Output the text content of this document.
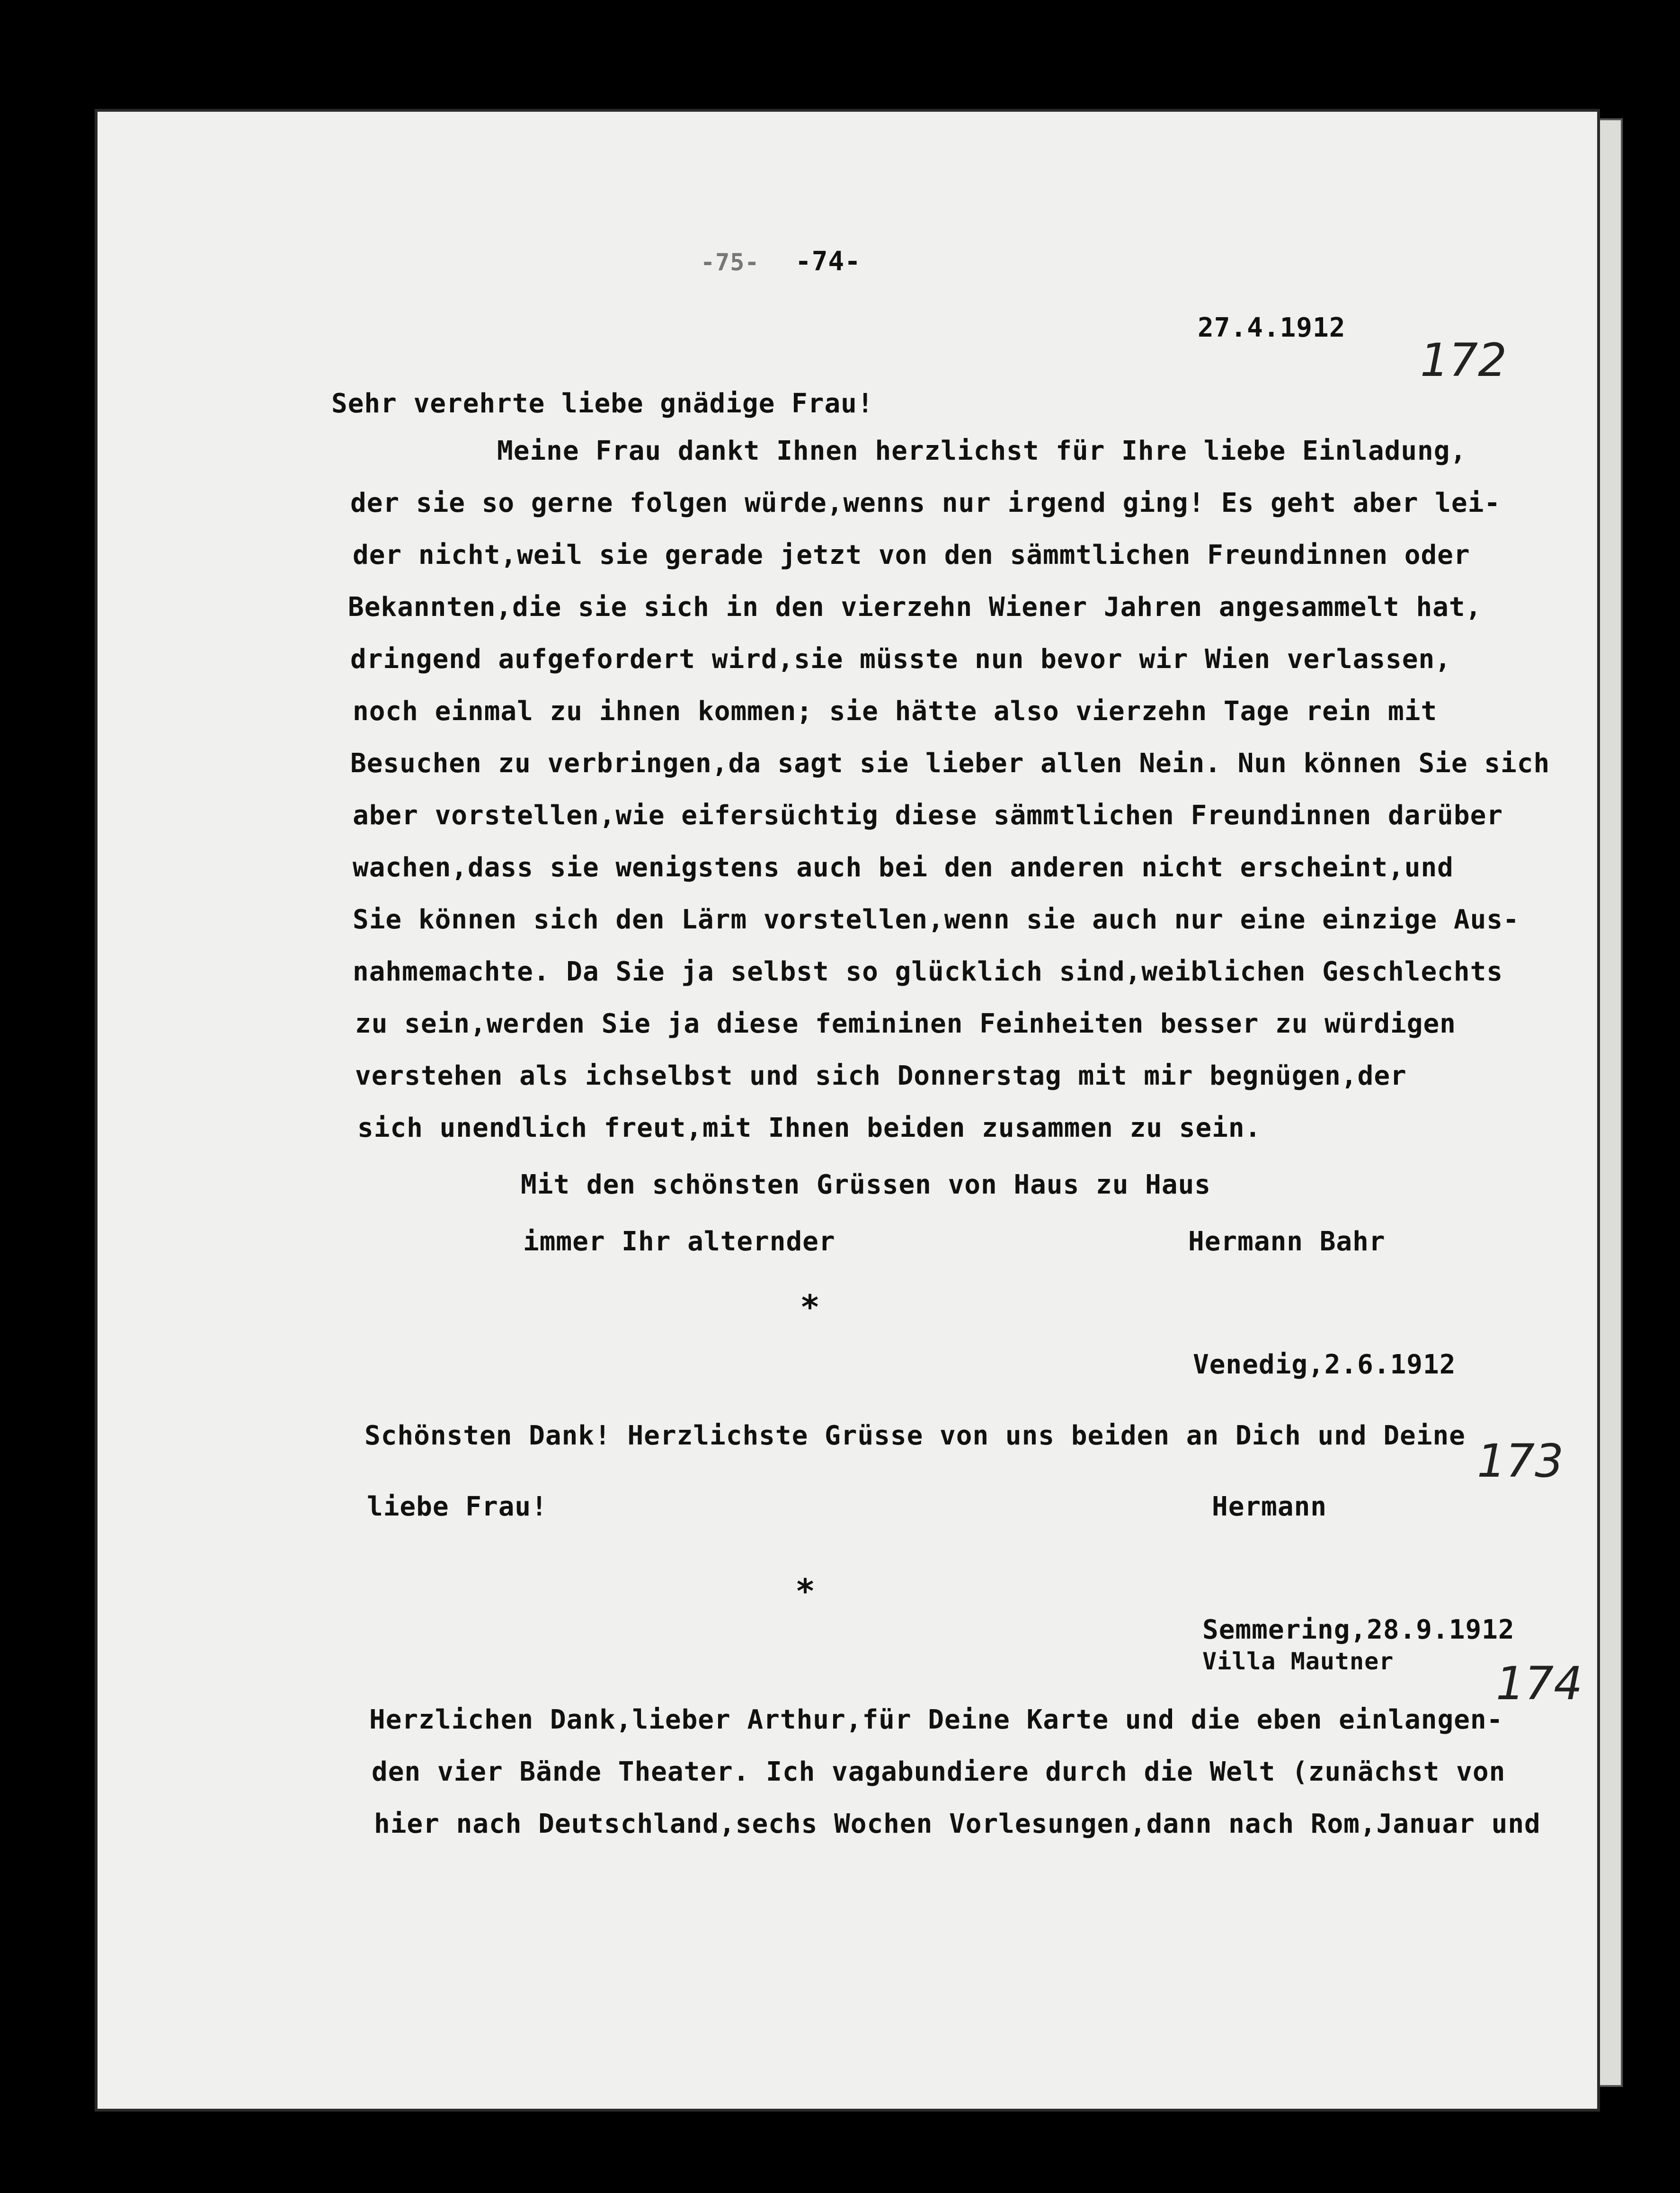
-75- -74-
27.4.1912
172
Sehr verehrte liebe gnädige Frau!
Meine Frau dankt Ihnen herzlichst für Ihre liebe Einladung,
der sie so gerne folgen würde,wenns nur irgend ging! Es geht aber lei-
der nicht,weil sie gerade jetzt von den sämmtlichen Freundinnen oder
Bekannten,die sie sich in den vierzehn Wiener Jahren angesammelt hat,
dringend aufgefordert wird,sie müsste nun bevor wir Wien verlassen,
noch einmal zu ihnen kommen; sie hätte also vierzehn Tage rein mit
Besuchen zu verbringen,da sagt sie lieber allen Nein. Nun können Sie sich
aber vorstellen,wie eifersüchtig diese sämmtlichen Freundinnen darüber
wachen,dass sie wenigstens auch bei den anderen nicht erscheint,und
Sie können sich den Lärm vorstellen,wenn sie auch nur eine einzige Aus-
nahmemachte. Da Sie ja selbst so glücklich sind,weiblichen Geschlechts
zu sein,werden Sie ja diese femininen Feinheiten besser zu würdigen
verstehen als ichselbst und sich Donnerstag mit mir begnügen,der
sich unendlich freut,mit Ihnen beiden zusammen zu sein.
Mit den schönsten Grüssen von Haus zu Haus
immer Ihr alternder	Hermann Bahr
*
Venedig,2.6.1912
Schönsten Dank! Herzlichste Grüsse von uns beiden an Dich und Deine 173
liebe Frau!	Hermann
*
Semmering,28.9.1912
Villa Mautner 174
Herzlichen Dank,lieber Arthur,für Deine Karte und die eben einlangen-
den vier Bände Theater. Ich vagabundiere durch die Welt (zunächst von
hier nach Deutschland,sechs Wochen Vorlesungen,dann nach Rom,Januar und
